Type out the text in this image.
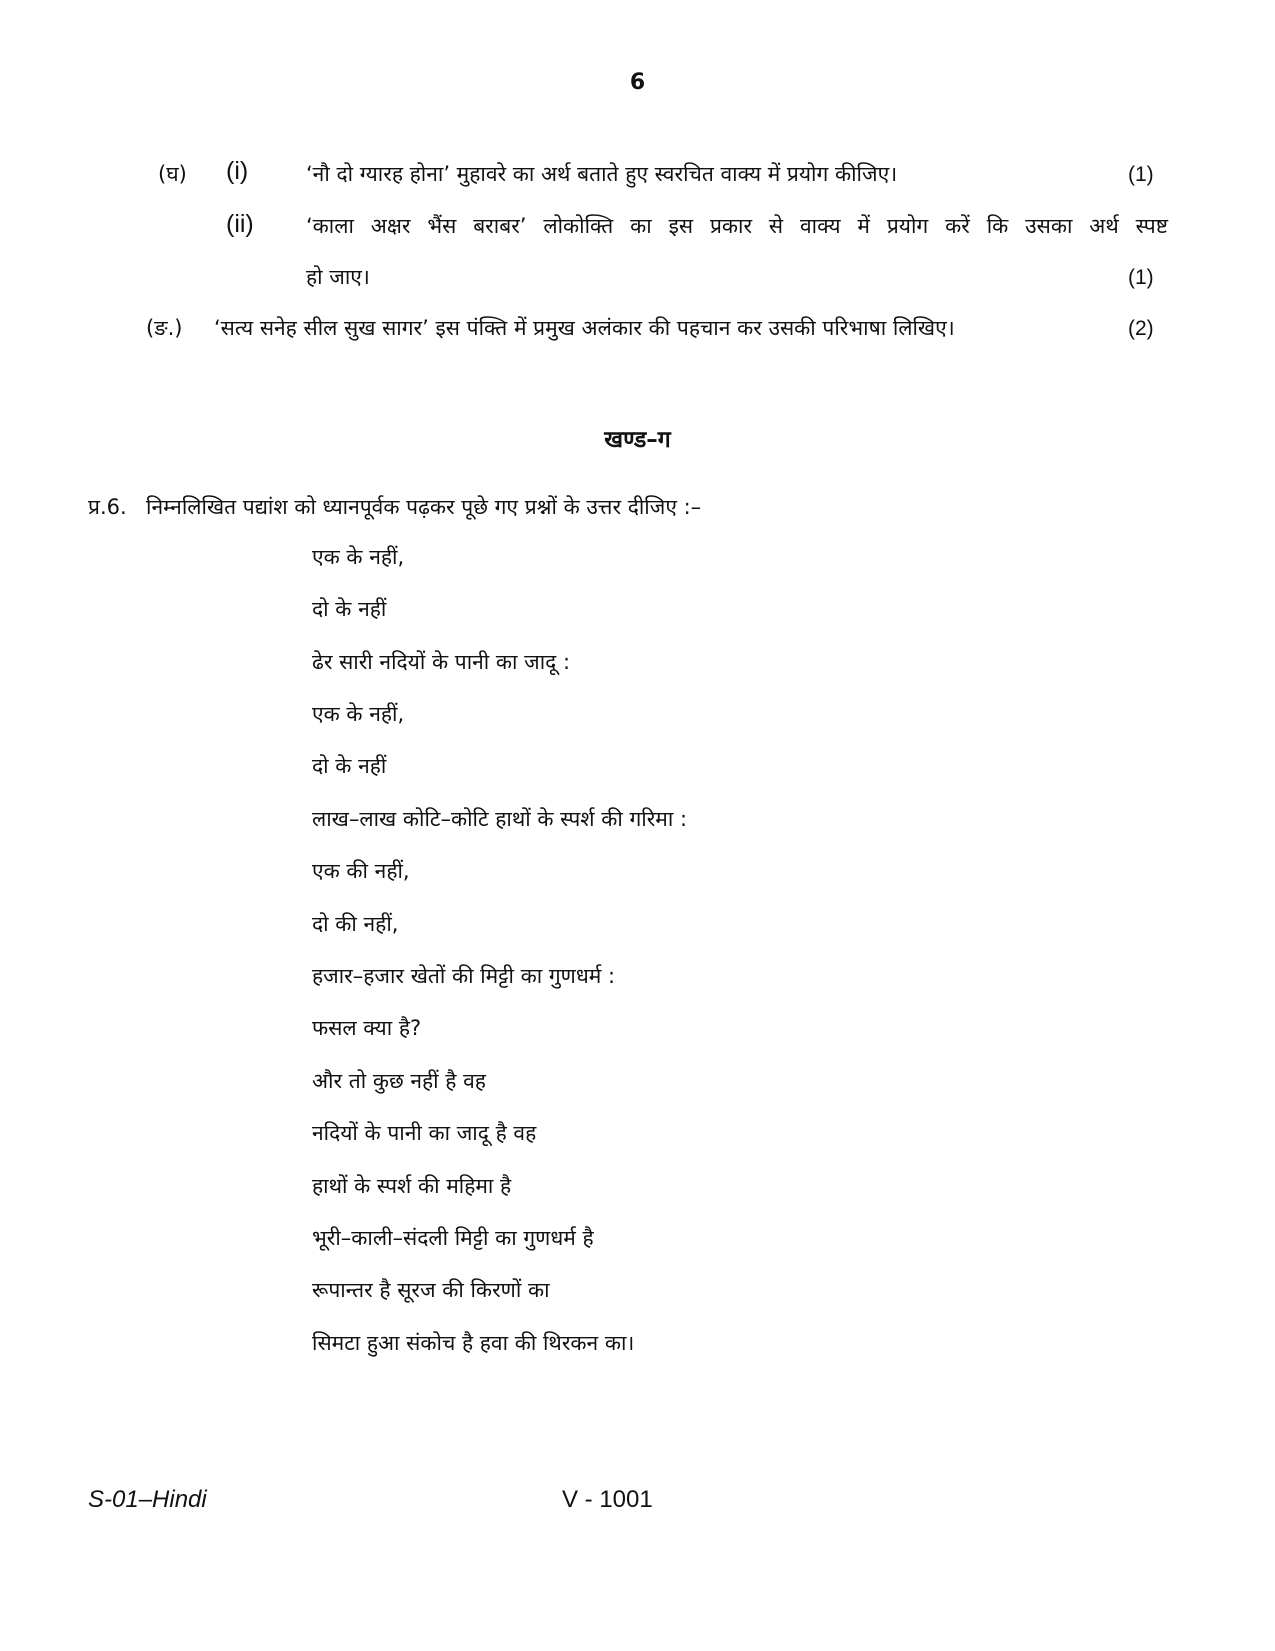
6
(घ) (i)	‘नौ दो ग्यारह होना’ मुहावरे का अर्थ बताते हुए स्वरचित वाक्य में प्रयोग कीजिए।	(1)
(ii) ‘काला अक्षर भैंस बराबर’ लोकोक्ति का इस प्रकार से वाक्य में प्रयोग करें कि उसका अर्थ स्पष्ट
हो जाए।	(1)
(ङ.) ‘सत्य सनेह सील सुख सागर’ इस पंक्ति में प्रमुख अलंकार की पहचान कर उसकी परिभाषा लिखिए।	(2)
खण्ड–ग
प्र.6. निम्नलिखित पद्यांश को ध्यानपूर्वक पढ़कर पूछे गए प्रश्नों के उत्तर दीजिए :–
एक के नहीं,
दो के नहीं
ढेर सारी नदियों के पानी का जादू :
एक के नहीं,
दो के नहीं
लाख–लाख कोटि–कोटि हाथों के स्पर्श की गरिमा :
एक की नहीं,
दो की नहीं,
हजार–हजार खेतों की मिट्टी का गुणधर्म :
फसल क्या है?
और तो कुछ नहीं है वह
नदियों के पानी का जादू है वह
हाथों के स्पर्श की महिमा है
भूरी–काली–संदली मिट्टी का गुणधर्म है
रूपान्तर है सूरज की किरणों का
सिमटा हुआ संकोच है हवा की थिरकन का।
S-01–Hindi	V - 1001
